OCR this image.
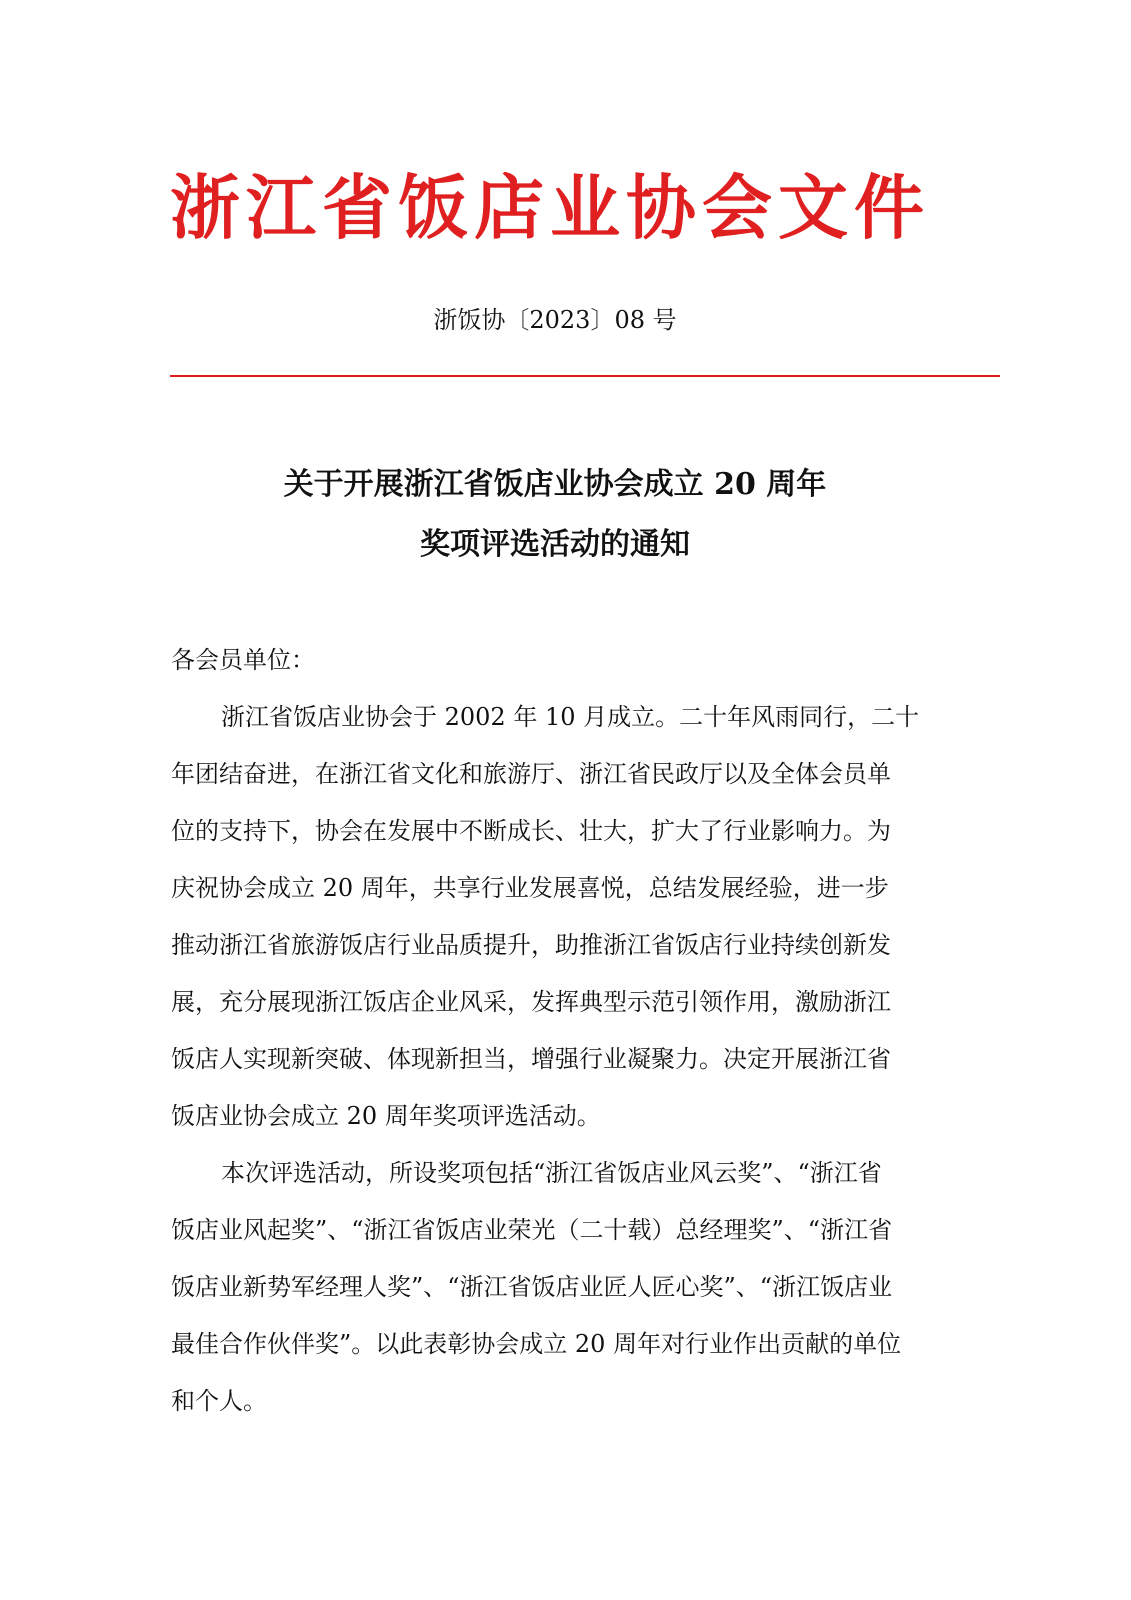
浙江省饭店业协会文件
浙饭协〔2023〕08 号
关于开展浙江省饭店业协会成立 20 周年
奖项评选活动的通知
各会员单位：
浙江省饭店业协会于 2002 年 10 月成立。二十年风雨同行，二十
年团结奋进，在浙江省文化和旅游厅、浙江省民政厅以及全体会员单
位的支持下，协会在发展中不断成长、壮大，扩大了行业影响力。为
庆祝协会成立 20 周年，共享行业发展喜悦，总结发展经验，进一步
推动浙江省旅游饭店行业品质提升，助推浙江省饭店行业持续创新发
展，充分展现浙江饭店企业风采，发挥典型示范引领作用，激励浙江
饭店人实现新突破、体现新担当，增强行业凝聚力。决定开展浙江省
饭店业协会成立 20 周年奖项评选活动。
本次评选活动，所设奖项包括“浙江省饭店业风云奖”、“浙江省
饭店业风起奖”、“浙江省饭店业荣光（二十载）总经理奖”、“浙江省
饭店业新势军经理人奖”、“浙江省饭店业匠人匠心奖”、“浙江饭店业
最佳合作伙伴奖”。以此表彰协会成立 20 周年对行业作出贡献的单位
和个人。
